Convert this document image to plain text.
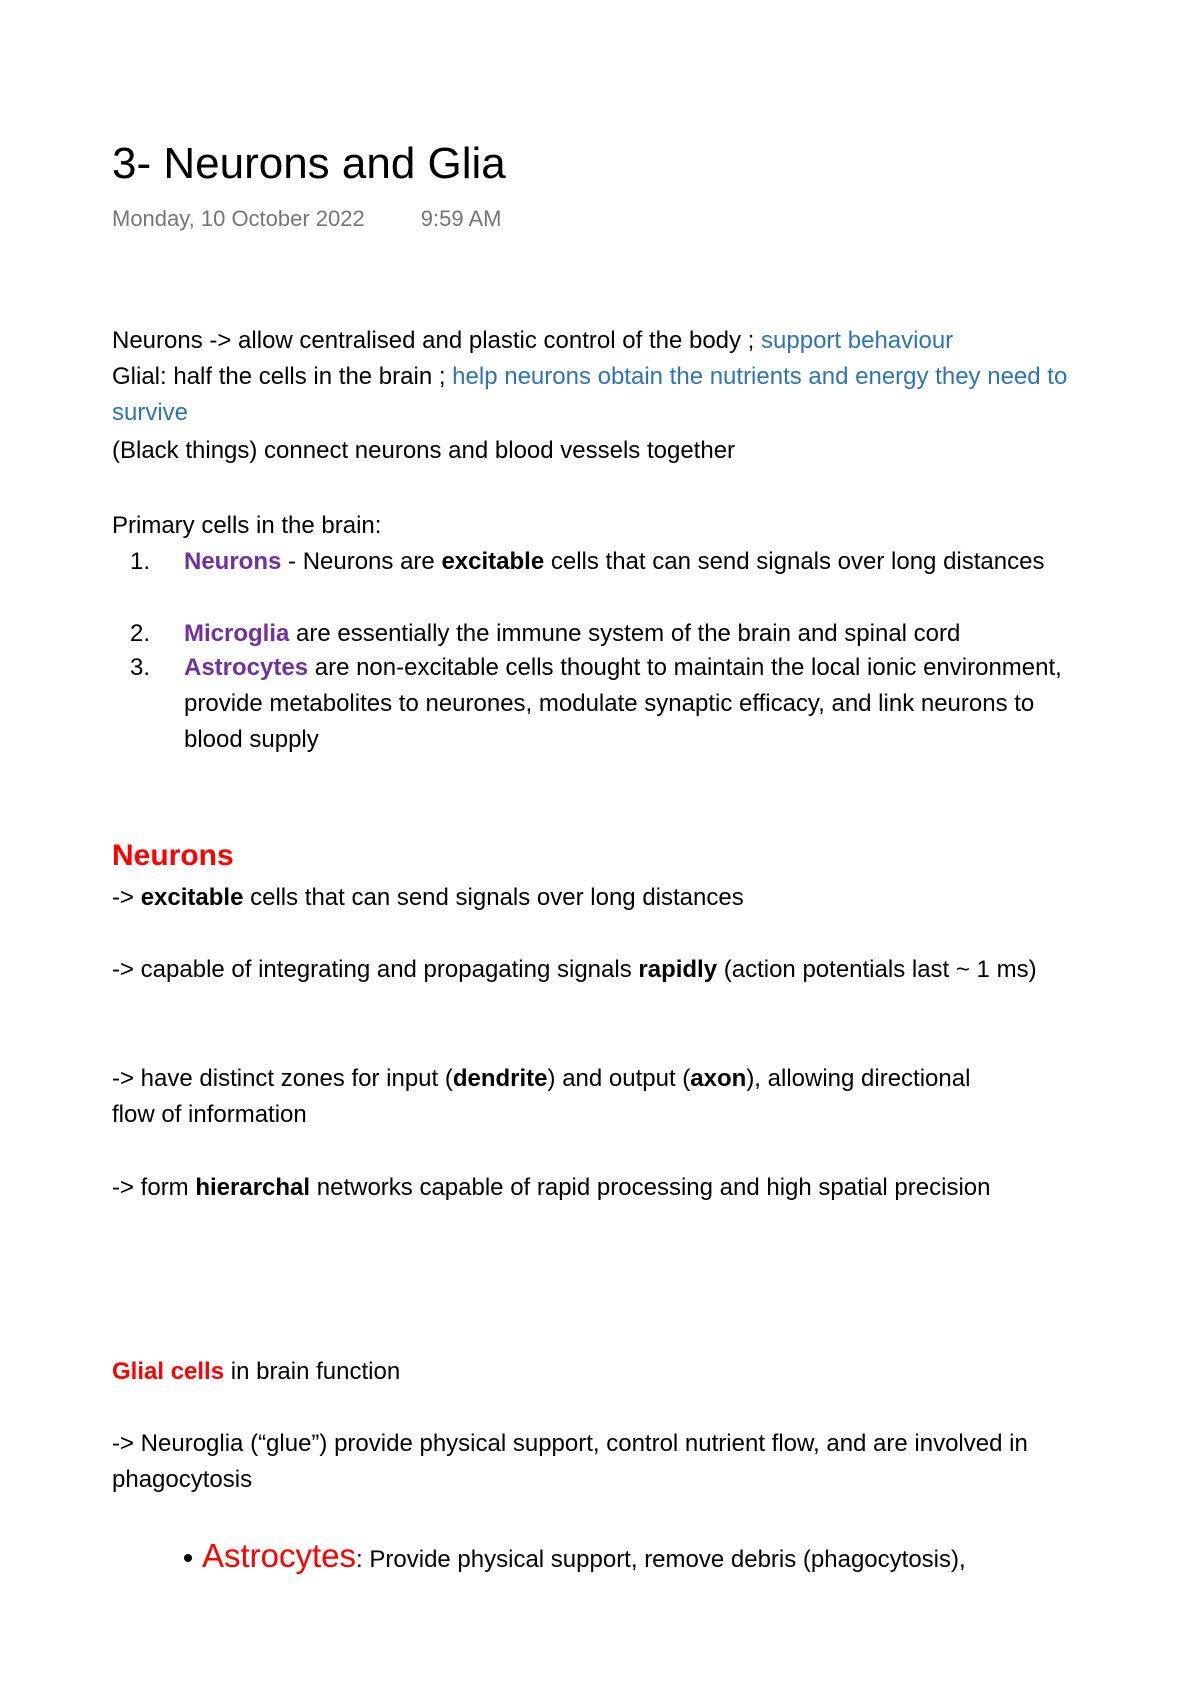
3- Neurons and Glia
Monday, 10 October 2022	9:59 AM

Neurons -> allow centralised and plastic control of the body ; support behaviour

Glial: half the cells in the brain ; help neurons obtain the nutrients and energy they need to survive

(Black things) connect neurons and blood vessels together

Primary cells in the brain:

1. Neurons - Neurons are excitable cells that can send signals over long distances
2. Microglia are essentially the immune system of the brain and spinal cord
3. Astrocytes are non-excitable cells thought to maintain the local ionic environment, provide metabolites to neurones, modulate synaptic efficacy, and link neurons to blood supply
Neurons

-> excitable cells that can send signals over long distances

-> capable of integrating and propagating signals rapidly (action potentials last ~ 1 ms)

-> have distinct zones for input (dendrite) and output (axon), allowing directional flow of information

-> form hierarchal networks capable of rapid processing and high spatial precision

Glial cells in brain function

-> Neuroglia (“glue”) provide physical support, control nutrient flow, and are involved in phagocytosis

Astrocytes: Provide physical support, remove debris (phagocytosis),
